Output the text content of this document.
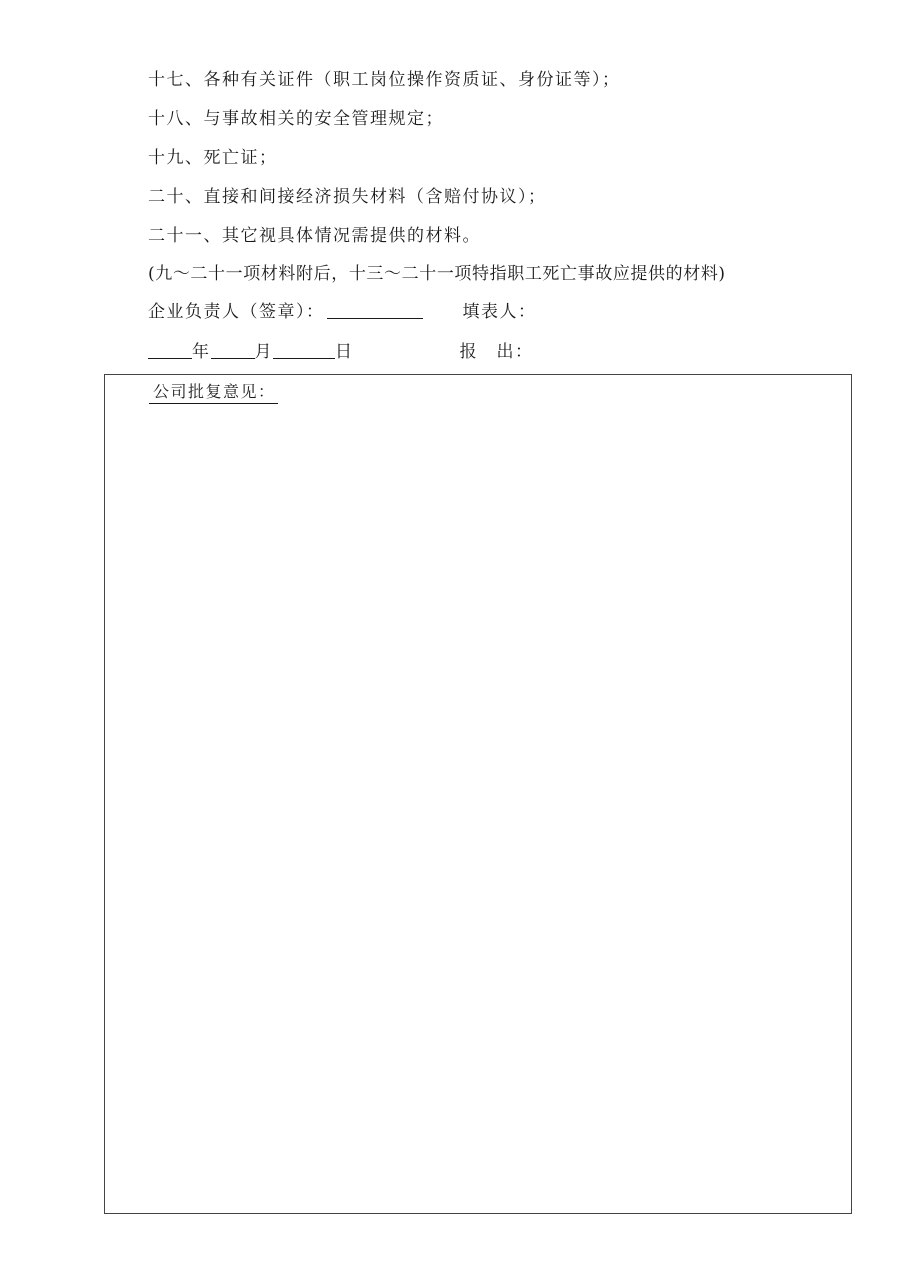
十七、各种有关证件（职工岗位操作资质证、身份证等）；
十八、与事故相关的安全管理规定；
十九、死亡证；
二十、直接和间接经济损失材料（含赔付协议）；
二十一、其它视具体情况需提供的材料。
(九～二十一项材料附后，十三～二十一项特指职工死亡事故应提供的材料)
企业负责人（签章）：	填表人：
年	月	日	报　出：
公司批复意见：
